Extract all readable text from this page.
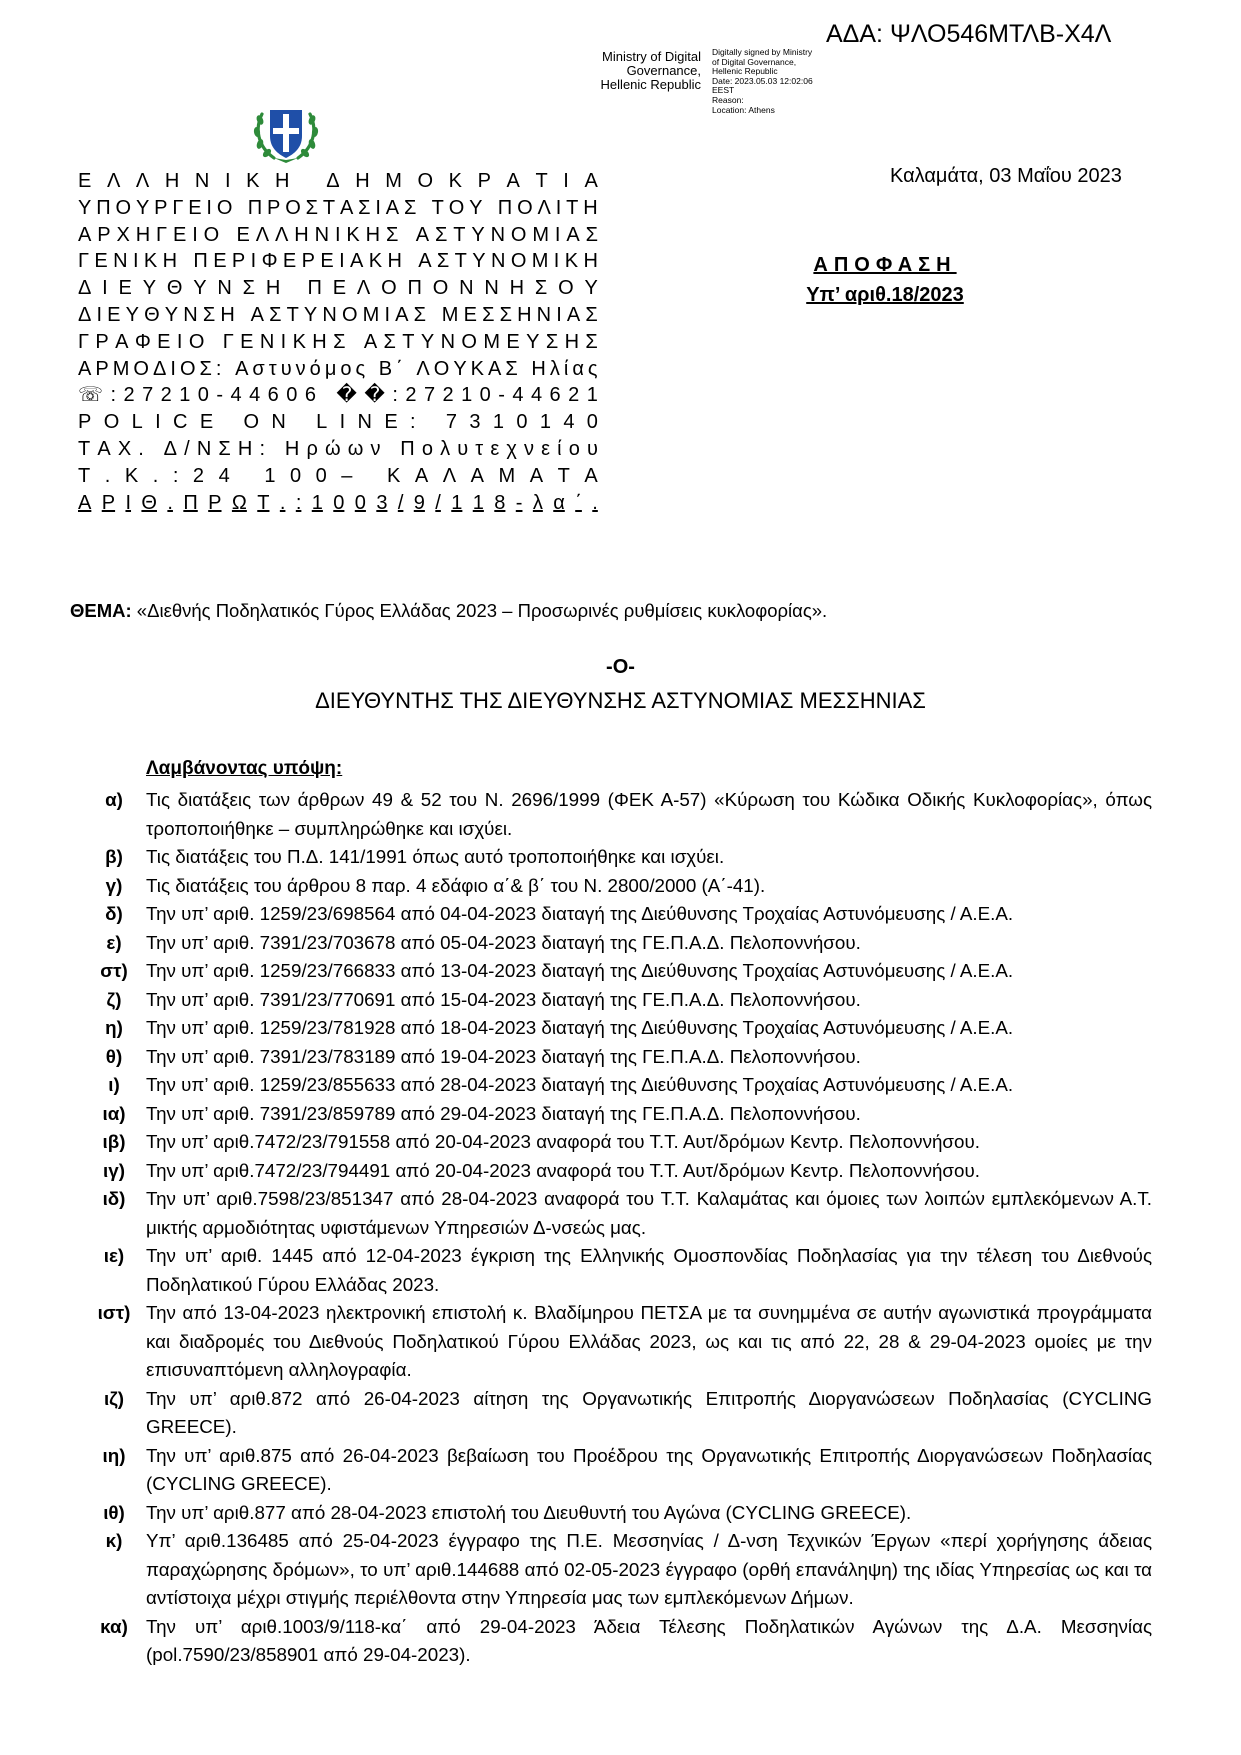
ΑΔΑ: ΨΛΟ546ΜΤΛΒ-Χ4Λ
Ministry of Digital
Governance,
Hellenic Republic
Digitally signed by Ministry
of Digital Governance,
Hellenic Republic
Date: 2023.05.03 12:02:06
EEST
Reason:
Location: Athens
Ε Λ Λ Η Ν Ι Κ Η
Δ Η Μ Ο Κ Ρ Α Τ Ι Α
Υ Π Ο Υ Ρ Γ Ε Ι Ο
Π Ρ Ο Σ Τ Α Σ Ι Α Σ
Τ Ο Υ
Π Ο Λ Ι Τ Η
Α Ρ Χ Η Γ Ε Ι Ο
Ε Λ Λ Η Ν Ι Κ Η Σ
Α Σ Τ Υ Ν Ο Μ Ι Α Σ
Γ Ε Ν Ι Κ Η
Π Ε Ρ Ι Φ Ε Ρ Ε Ι Α Κ Η
Α Σ Τ Υ Ν Ο Μ Ι Κ Η
Δ Ι Ε Υ Θ Υ Ν Σ Η
Π Ε Λ Ο Π Ο Ν Ν Η Σ Ο Υ
Δ Ι Ε Υ Θ Υ Ν Σ Η
Α Σ Τ Υ Ν Ο Μ Ι Α Σ
Μ Ε Σ Σ Η Ν Ι Α Σ
Γ Ρ Α Φ Ε Ι Ο
Γ Ε Ν Ι Κ Η Σ
Α Σ Τ Υ Ν Ο Μ Ε Υ Σ Η Σ
Α Ρ Μ Ο Δ Ι Ο Σ :
Α σ τ υ ν ό μ ο ς
Β ΄
Λ Ο Υ Κ Α Σ
Η λ ί α ς
☏ : 2 7 2 1 0 - 4 4 6 0 6
� � : 2 7 2 1 0 - 4 4 6 2 1
P O L I C E
O N
L I N E :
7 3 1 0 1 4 0
Τ Α Χ .
Δ / Ν Σ Η :
Η ρ ώ ω ν
Π ο λ υ τ ε χ ν ε ί ο υ
Τ . Κ . : 2 4
1 0 0 –
Κ Α Λ Α Μ Α Τ Α
Α Ρ Ι Θ . Π Ρ Ω Τ . : 1 0 0 3 / 9 / 1 1 8 - λ α ΄ .
Καλαμάτα, 03 Μαΐου 2023
ΑΠΟΦΑΣΗ
Υπ’ αριθ.18/2023
ΘΕΜΑ: «Διεθνής Ποδηλατικός Γύρος Ελλάδας 2023 – Προσωρινές ρυθμίσεις κυκλοφορίας».
-Ο-
ΔΙΕΥΘΥΝΤΗΣ ΤΗΣ ΔΙΕΥΘΥΝΣΗΣ ΑΣΤΥΝΟΜΙΑΣ ΜΕΣΣΗΝΙΑΣ
Λαμβάνοντας υπόψη:
α)	Τις διατάξεις των άρθρων 49 & 52 του Ν. 2696/1999 (ΦΕΚ Α-57) «Κύρωση του Κώδικα Οδικής Κυκλοφορίας», όπως τροποποιήθηκε – συμπληρώθηκε και ισχύει.
β)	Τις διατάξεις του Π.Δ. 141/1991 όπως αυτό τροποποιήθηκε και ισχύει.
γ)	Τις διατάξεις του άρθρου 8 παρ. 4 εδάφιο α΄& β΄ του Ν. 2800/2000 (Α΄-41).
δ)	Την υπ’ αριθ. 1259/23/698564 από 04-04-2023 διαταγή της Διεύθυνσης Τροχαίας Αστυνόμευσης / Α.Ε.Α.
ε)	Την υπ’ αριθ. 7391/23/703678 από 05-04-2023 διαταγή της ΓΕ.Π.Α.Δ. Πελοποννήσου.
στ) Την υπ’ αριθ. 1259/23/766833 από 13-04-2023 διαταγή της Διεύθυνσης Τροχαίας Αστυνόμευσης / Α.Ε.Α.
ζ)	Την υπ’ αριθ. 7391/23/770691 από 15-04-2023 διαταγή της ΓΕ.Π.Α.Δ. Πελοποννήσου.
η)	Την υπ’ αριθ. 1259/23/781928 από 18-04-2023 διαταγή της Διεύθυνσης Τροχαίας Αστυνόμευσης / Α.Ε.Α.
θ)	Την υπ’ αριθ. 7391/23/783189 από 19-04-2023 διαταγή της ΓΕ.Π.Α.Δ. Πελοποννήσου.
ι)	Την υπ’ αριθ. 1259/23/855633 από 28-04-2023 διαταγή της Διεύθυνσης Τροχαίας Αστυνόμευσης / Α.Ε.Α.
ια)	Την υπ’ αριθ. 7391/23/859789 από 29-04-2023 διαταγή της ΓΕ.Π.Α.Δ. Πελοποννήσου.
ιβ)	Την υπ’ αριθ.7472/23/791558 από 20-04-2023 αναφορά του Τ.Τ. Αυτ/δρόμων Κεντρ. Πελοποννήσου.
ιγ)	Την υπ’ αριθ.7472/23/794491 από 20-04-2023 αναφορά του Τ.Τ. Αυτ/δρόμων Κεντρ. Πελοποννήσου.
ιδ)	Την υπ’ αριθ.7598/23/851347 από 28-04-2023 αναφορά του Τ.Τ. Καλαμάτας και όμοιες των λοιπών εμπλεκόμενων Α.Τ. μικτής αρμοδιότητας υφιστάμενων Υπηρεσιών Δ-νσεώς μας.
ιε)	Την υπ’ αριθ. 1445 από 12-04-2023 έγκριση της Ελληνικής Ομοσπονδίας Ποδηλασίας για την τέλεση του Διεθνούς Ποδηλατικού Γύρου Ελλάδας 2023.
ιστ) Την από 13-04-2023 ηλεκτρονική επιστολή κ. Βλαδίμηρου ΠΕΤΣΑ με τα συνημμένα σε αυτήν αγωνιστικά προγράμματα και διαδρομές του Διεθνούς Ποδηλατικού Γύρου Ελλάδας 2023, ως και τις από 22, 28 & 29-04-2023 ομοίες με την επισυναπτόμενη αλληλογραφία.
ιζ)	Την υπ’ αριθ.872 από 26-04-2023 αίτηση της Οργανωτικής Επιτροπής Διοργανώσεων Ποδηλασίας (CYCLING GREECE).
ιη)	Την υπ’ αριθ.875 από 26-04-2023 βεβαίωση του Προέδρου της Οργανωτικής Επιτροπής Διοργανώσεων Ποδηλασίας (CYCLING GREECE).
ιθ)	Την υπ’ αριθ.877 από 28-04-2023 επιστολή του Διευθυντή του Αγώνα (CYCLING GREECE).
κ)	Υπ’ αριθ.136485 από 25-04-2023 έγγραφο της Π.Ε. Μεσσηνίας / Δ-νση Τεχνικών Έργων «περί χορήγησης άδειας παραχώρησης δρόμων», το υπ’ αριθ.144688 από 02-05-2023 έγγραφο (ορθή επανάληψη) της ιδίας Υπηρεσίας ως και τα αντίστοιχα μέχρι στιγμής περιέλθοντα στην Υπηρεσία μας των εμπλεκόμενων Δήμων.
κα) Την υπ’ αριθ.1003/9/118-κα΄ από 29-04-2023 Άδεια Τέλεσης Ποδηλατικών Αγώνων της Δ.Α. Μεσσηνίας (pol.7590/23/858901 από 29-04-2023).
